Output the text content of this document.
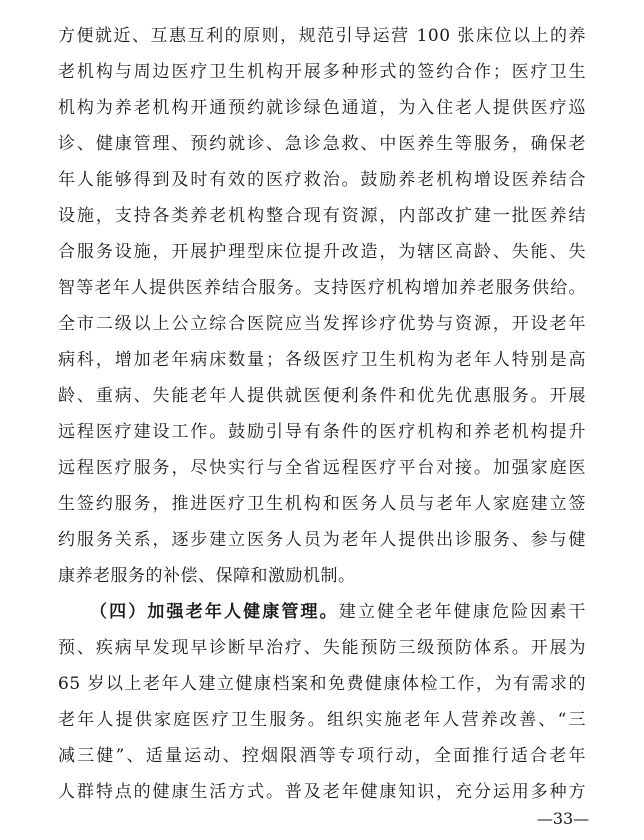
方便就近、互惠互利的原则，规范引导运营 100 张床位以上的养
老机构与周边医疗卫生机构开展多种形式的签约合作；医疗卫生
机构为养老机构开通预约就诊绿色通道，为入住老人提供医疗巡
诊、健康管理、预约就诊、急诊急救、中医养生等服务，确保老
年人能够得到及时有效的医疗救治。鼓励养老机构增设医养结合
设施，支持各类养老机构整合现有资源，内部改扩建一批医养结
合服务设施，开展护理型床位提升改造，为辖区高龄、失能、失
智等老年人提供医养结合服务。支持医疗机构增加养老服务供给。
全市二级以上公立综合医院应当发挥诊疗优势与资源，开设老年
病科，增加老年病床数量；各级医疗卫生机构为老年人特别是高
龄、重病、失能老年人提供就医便利条件和优先优惠服务。开展
远程医疗建设工作。鼓励引导有条件的医疗机构和养老机构提升
远程医疗服务，尽快实行与全省远程医疗平台对接。加强家庭医
生签约服务，推进医疗卫生机构和医务人员与老年人家庭建立签
约服务关系，逐步建立医务人员为老年人提供出诊服务、参与健
康养老服务的补偿、保障和激励机制。
（四）加强老年人健康管理。建立健全老年健康危险因素干
预、疾病早发现早诊断早治疗、失能预防三级预防体系。开展为
65 岁以上老年人建立健康档案和免费健康体检工作，为有需求的
老年人提供家庭医疗卫生服务。组织实施老年人营养改善、“三
减三健”、适量运动、控烟限酒等专项行动，全面推行适合老年
人群特点的健康生活方式。普及老年健康知识，充分运用多种方
—33—
